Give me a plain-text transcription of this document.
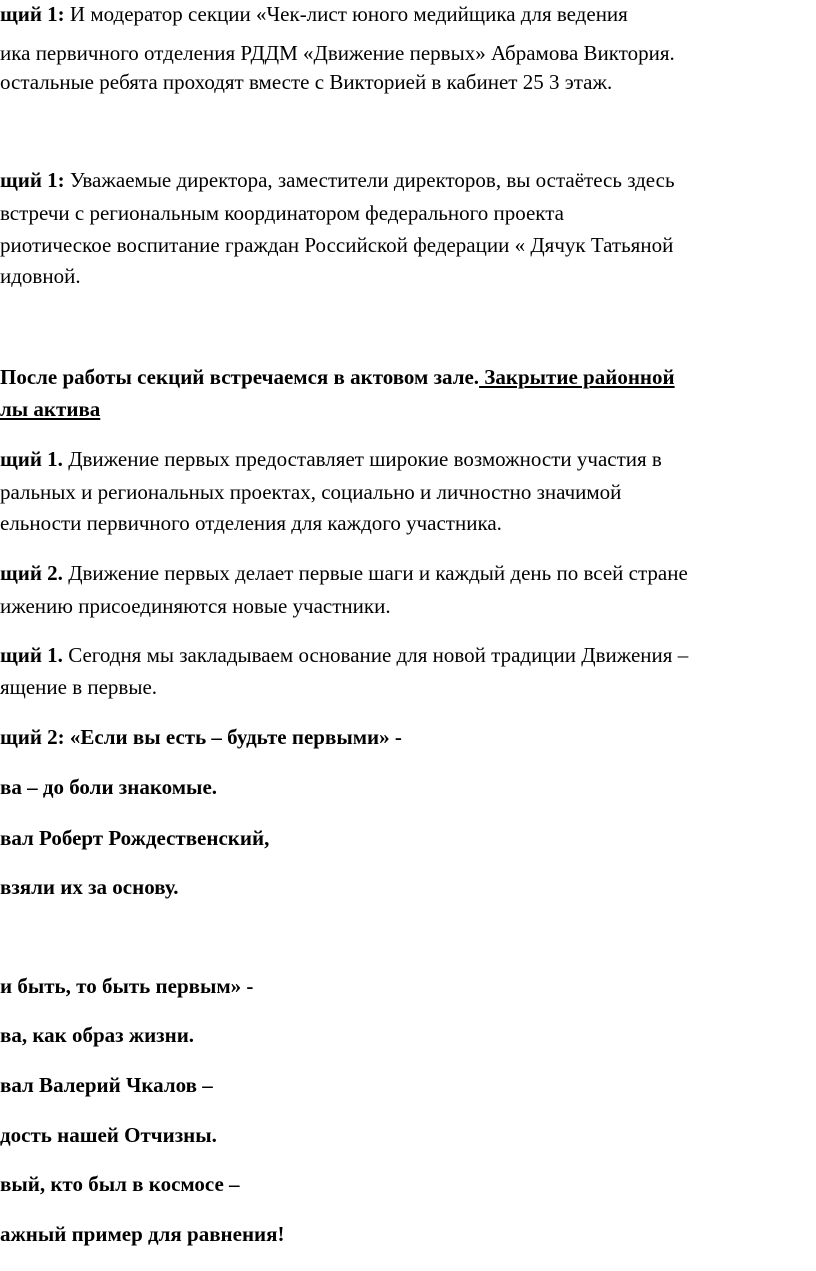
щий 1: И модератор секции «Чек-лист юного медийщика для ведения
ика первичного отделения РДДМ «Движение первых» Абрамова Виктория.
остальные ребята проходят вместе с Викторией в кабинет 25 3 этаж.
щий 1: Уважаемые директора, заместители директоров, вы остаётесь здесь
встречи с региональным координатором федерального проекта
риотическое воспитание граждан Российской федерации « Дячук Татьяной
идовной.
После работы секций встречаемся в актовом зале. Закрытие районной
лы актива
щий 1. Движение первых предоставляет широкие возможности участия в
ральных и региональных проектах, социально и личностно значимой
ельности первичного отделения для каждого участника.
щий 2. Движение первых делает первые шаги и каждый день по всей стране
ижению присоединяются новые участники.
щий 1. Сегодня мы закладываем основание для новой традиции Движения –
ящение в первые.
щий 2: «Если вы есть – будьте первыми» -
ва – до боли знакомые.
вал Роберт Рождественский,
взяли их за основу.
и быть, то быть первым» -
ва, как образ жизни.
вал Валерий Чкалов –
дость нашей Отчизны.
вый, кто был в космосе –
ажный пример для равнения!
